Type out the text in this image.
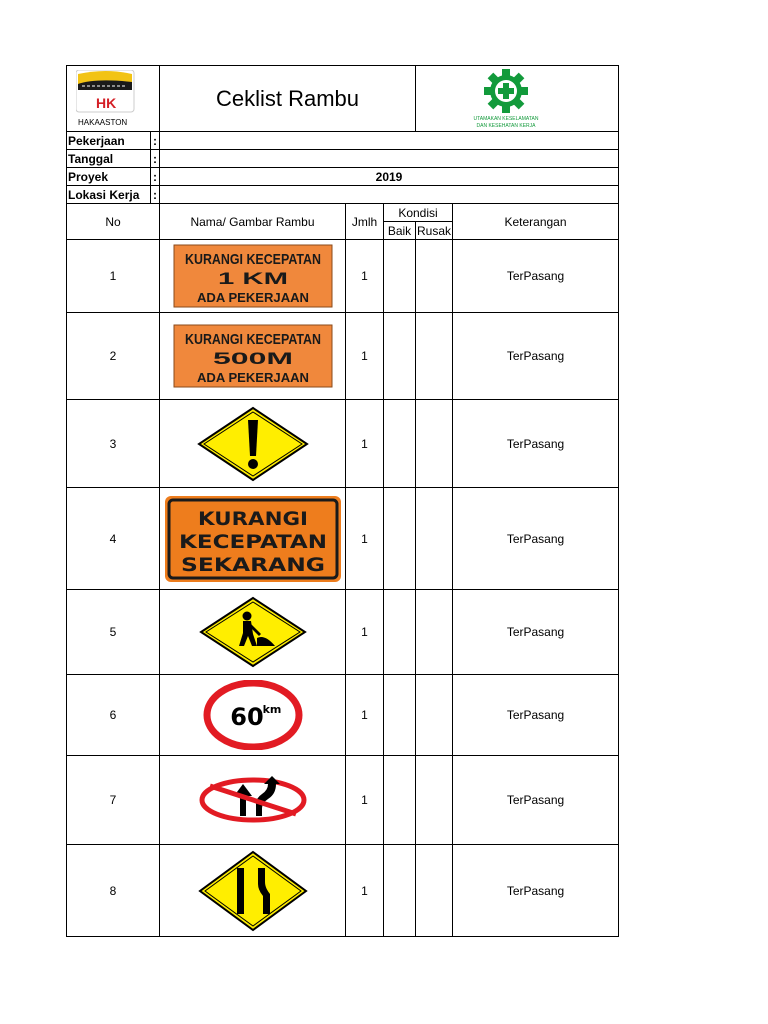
HK
HAKAASTON		Ceklist Rambu			UTAMAKAN KESELAMATAN
DAN KESEHATAN KERJA	

Pekerjaan	:					
Tanggal	:					
Proyek	:	2019				
Lokasi Kerja	:					
No		Nama/ Gambar Rambu	Jmlh	Kondisi		Keterangan
				Baik	Rusak	
1		KURANGI KECEPATAN
1 KM
ADA PEKERJAAN	1			TerPasang
2		KURANGI KECEPATAN
500M
ADA PEKERJAAN	1			TerPasang
3			1			TerPasang
4		KURANGI
KECEPATAN
SEKARANG	1			TerPasang
5			1			TerPasang
6		60
km	1			TerPasang
7			1			TerPasang
8			1			TerPasang
